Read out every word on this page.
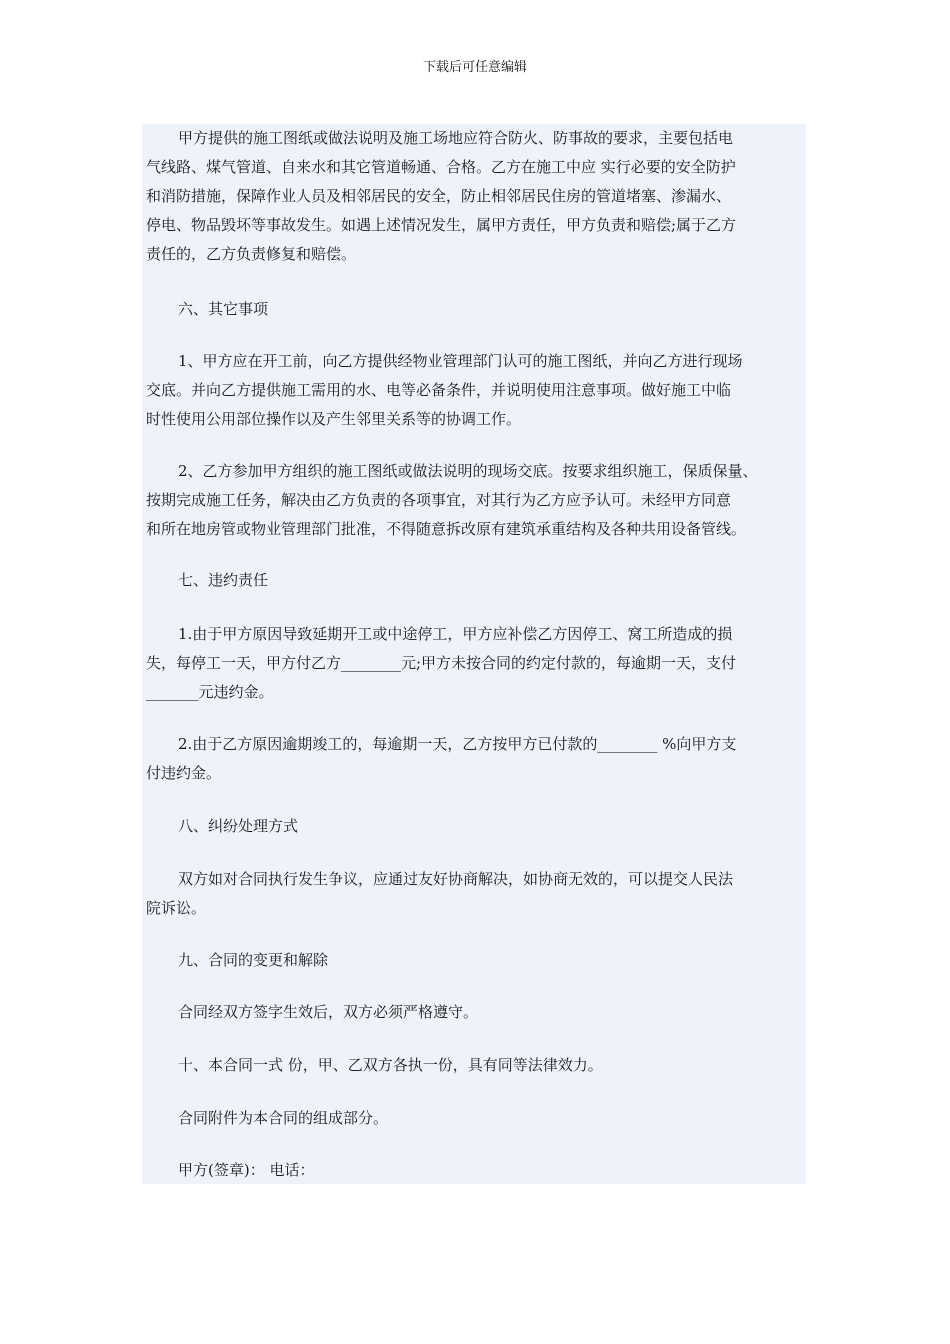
下载后可任意编辑
甲方提供的施工图纸或做法说明及施工场地应符合防火、防事故的要求，主要包括电
气线路、煤气管道、自来水和其它管道畅通、合格。乙方在施工中应 实行必要的安全防护
和消防措施，保障作业人员及相邻居民的安全，防止相邻居民住房的管道堵塞、渗漏水、
停电、物品毁坏等事故发生。如遇上述情况发生，属甲方责任，甲方负责和赔偿;属于乙方
责任的，乙方负责修复和赔偿。
六、其它事项
1、甲方应在开工前，向乙方提供经物业管理部门认可的施工图纸，并向乙方进行现场
交底。并向乙方提供施工需用的水、电等必备条件，并说明使用注意事项。做好施工中临
时性使用公用部位操作以及产生邻里关系等的协调工作。
2、乙方参加甲方组织的施工图纸或做法说明的现场交底。按要求组织施工，保质保量、
按期完成施工任务，解决由乙方负责的各项事宜，对其行为乙方应予认可。未经甲方同意
和所在地房管或物业管理部门批准，不得随意拆改原有建筑承重结构及各种共用设备管线。
七、违约责任
1.由于甲方原因导致延期开工或中途停工，甲方应补偿乙方因停工、窝工所造成的损
失，每停工一天，甲方付乙方________元;甲方未按合同的约定付款的，每逾期一天，支付
_______元违约金。
2.由于乙方原因逾期竣工的，每逾期一天，乙方按甲方已付款的________ %向甲方支
付违约金。
八、纠纷处理方式
双方如对合同执行发生争议，应通过友好协商解决，如协商无效的，可以提交人民法
院诉讼。
九、合同的变更和解除
合同经双方签字生效后，双方必须严格遵守。
十、本合同一式 份，甲、乙双方各执一份，具有同等法律效力。
合同附件为本合同的组成部分。
甲方(签章)： 电话：
